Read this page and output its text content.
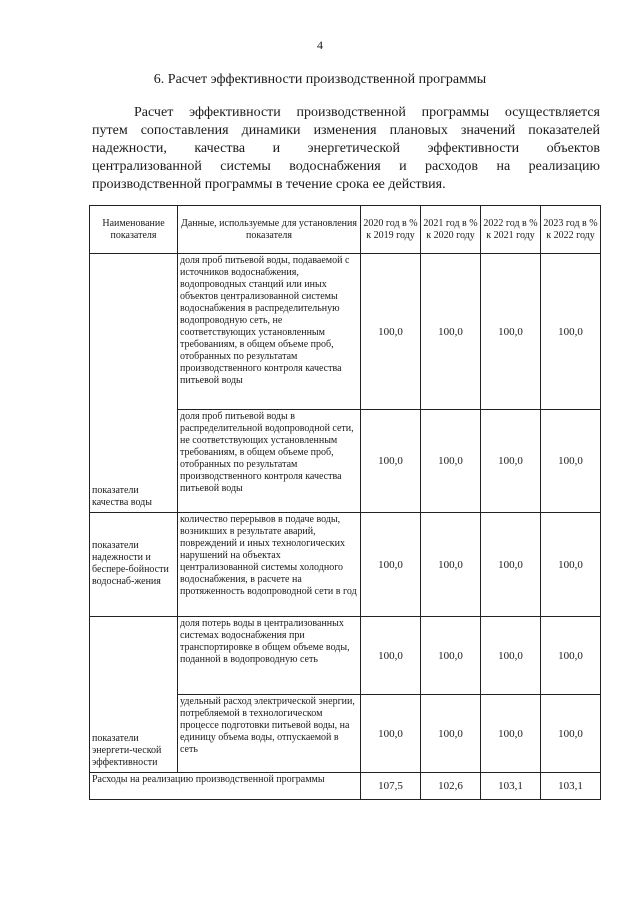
4
6. Расчет эффективности производственной программы
Расчет эффективности производственной программы осуществляется
путем сопоставления динамики изменения плановых значений показателей
надежности, качества и энергетической эффективности объектов
централизованной системы водоснабжения и расходов на реализацию
производственной программы в течение срока ее действия.
Наименование показателя	Данные, используемые для установления показателя	2020 год в % к 2019 году	2021 год в % к 2020 году	2022 год в % к 2021 году	2023 год в % к 2022 году
показатели качества воды	доля проб питьевой воды, подаваемой с источников водоснабжения, водопроводных станций или иных объектов централизованной системы водоснабжения в распределительную водопроводную сеть, не соответствующих установленным требованиям, в общем объеме проб, отобранных по результатам производственного контроля качества питьевой воды	100,0	100,0	100,0	100,0
	доля проб питьевой воды в распределительной водопроводной сети, не соответствующих установленным требованиям, в общем объеме проб, отобранных по результатам производственного контроля качества питьевой воды	100,0	100,0	100,0	100,0
показатели надежности и беспере-бойности водоснаб-жения	количество перерывов в подаче воды, возникших в результате аварий, повреждений и иных технологических нарушений на объектах централизованной системы холодного водоснабжения, в расчете на протяженность водопроводной сети в год	100,0	100,0	100,0	100,0
показатели энергети-ческой эффективности	доля потерь воды в централизованных системах водоснабжения при транспортировке в общем объеме воды, поданной в водопроводную сеть	100,0	100,0	100,0	100,0
	удельный расход электрической энергии, потребляемой в технологическом процессе подготовки питьевой воды, на единицу объема воды, отпускаемой в сеть	100,0	100,0	100,0	100,0
Расходы на реализацию производственной программы		107,5	102,6	103,1	103,1
